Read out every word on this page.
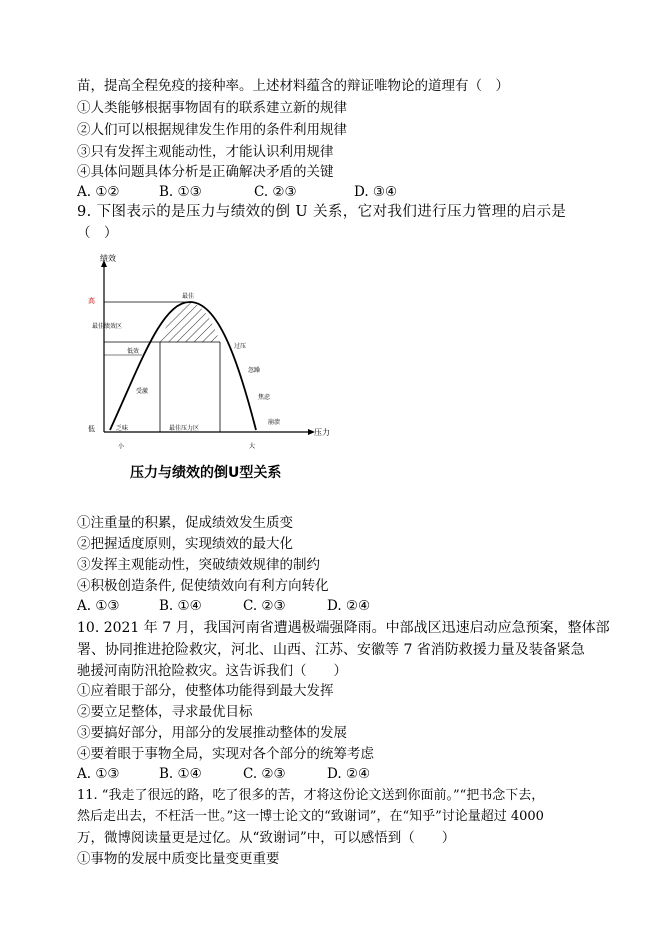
苗，提高全程免疫的接种率。上述材料蕴含的辩证唯物论的道理有（　）
①人类能够根据事物固有的联系建立新的规律
②人们可以根据规律发生作用的条件利用规律
③只有发挥主观能动性，才能认识利用规律
④具体问题具体分析是正确解决矛盾的关键
A. ①②	B. ①③	C. ②③	D. ③④
9. 下图表示的是压力与绩效的倒 U 关系，它对我们进行压力管理的启示是
（　）
绩效
高
低
最佳绩效区
最佳
低效
受激
乏味	最佳压力区
过压
忽躁
焦虑
崩溃
小	大
压力
压力与绩效的倒U型关系
①注重量的积累，促成绩效发生质变
②把握适度原则，实现绩效的最大化
③发挥主观能动性，突破绩效规律的制约
④积极创造条件, 促使绩效向有利方向转化
A. ①③	B. ①④	C. ②③	D. ②④
10. 2021 年 7 月，我国河南省遭遇极端强降雨。中部战区迅速启动应急预案，整体部
署、协同推进抢险救灾，河北、山西、江苏、安徽等 7 省消防救援力量及装备紧急
驰援河南防汛抢险救灾。这告诉我们（　　）
①应着眼于部分，使整体功能得到最大发挥
②要立足整体，寻求最优目标
③要搞好部分，用部分的发展推动整体的发展
④要着眼于事物全局，实现对各个部分的统筹考虑
A. ①③	B. ①④	C. ②③	D. ②④
11. “我走了很远的路，吃了很多的苦，才将这份论文送到你面前。”“把书念下去，
然后走出去，不枉活一世。”这一博士论文的“致谢词”，在“知乎”讨论量超过 4000
万，微博阅读量更是过亿。从“致谢词”中，可以感悟到（　　）
①事物的发展中质变比量变更重要
